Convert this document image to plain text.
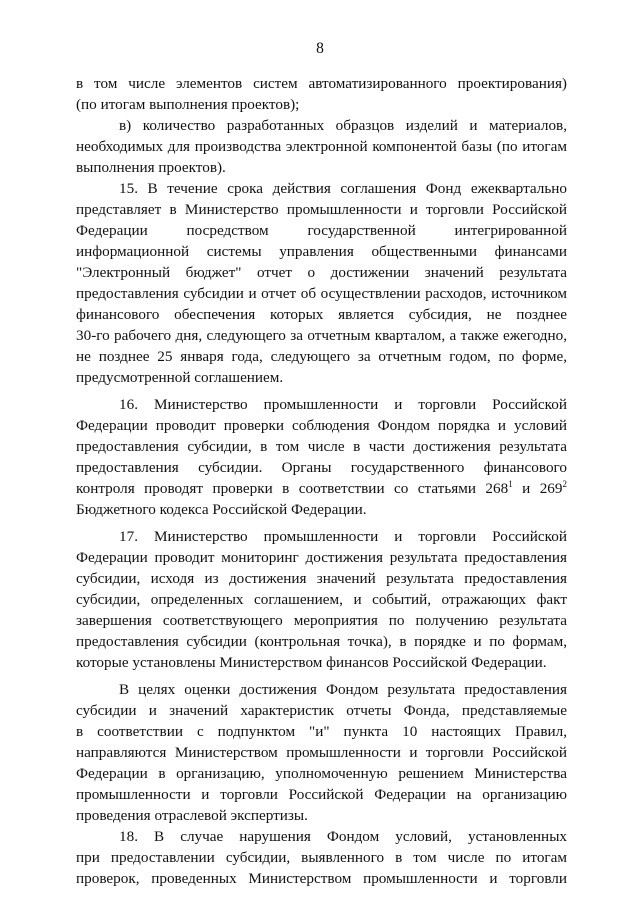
8
в том числе элементов систем автоматизированного проектирования)
(по итогам выполнения проектов);
в) количество разработанных образцов изделий и материалов,
необходимых для производства электронной компонентой базы (по итогам
выполнения проектов).
15. В течение срока действия соглашения Фонд ежеквартально
представляет в Министерство промышленности и торговли Российской
Федерации посредством государственной интегрированной
информационной системы управления общественными финансами
"Электронный бюджет" отчет о достижении значений результата
предоставления субсидии и отчет об осуществлении расходов, источником
финансового обеспечения которых является субсидия, не позднее
30-го рабочего дня, следующего за отчетным кварталом, а также ежегодно,
не позднее 25 января года, следующего за отчетным годом, по форме,
предусмотренной соглашением.
16. Министерство промышленности и торговли Российской
Федерации проводит проверки соблюдения Фондом порядка и условий
предоставления субсидии, в том числе в части достижения результата
предоставления субсидии. Органы государственного финансового
контроля проводят проверки в соответствии со статьями $268^1$ и $269^2$
Бюджетного кодекса Российской Федерации.
17. Министерство промышленности и торговли Российской
Федерации проводит мониторинг достижения результата предоставления
субсидии, исходя из достижения значений результата предоставления
субсидии, определенных соглашением, и событий, отражающих факт
завершения соответствующего мероприятия по получению результата
предоставления субсидии (контрольная точка), в порядке и по формам,
которые установлены Министерством финансов Российской Федерации.
В целях оценки достижения Фондом результата предоставления
субсидии и значений характеристик отчеты Фонда, представляемые
в соответствии с подпунктом "и" пункта 10 настоящих Правил,
направляются Министерством промышленности и торговли Российской
Федерации в организацию, уполномоченную решением Министерства
промышленности и торговли Российской Федерации на организацию
проведения отраслевой экспертизы.
18. В случае нарушения Фондом условий, установленных
при предоставлении субсидии, выявленного в том числе по итогам
проверок, проведенных Министерством промышленности и торговли
